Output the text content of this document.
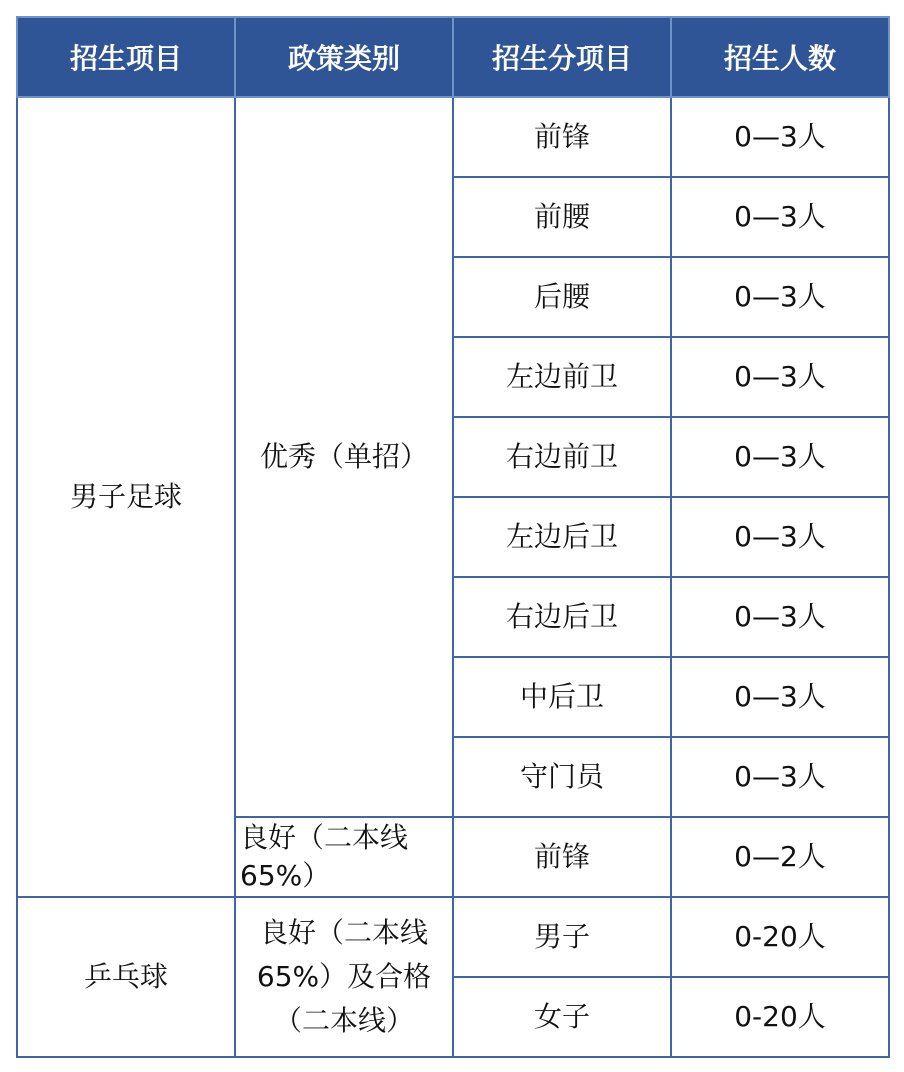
招生项目	政策类别	招生分项目	招生人数
男子足球	优秀（单招）	前锋	0—3人
		前腰	0—3人
		后腰	0—3人
		左边前卫	0—3人
		右边前卫	0—3人
		左边后卫	0—3人
		右边后卫	0—3人
		中后卫	0—3人
		守门员	0—3人
	良好（二本线65%）	前锋	0—2人
乒乓球	良好（二本线65%）及合格（二本线）	男子	0-20人
		女子	0-20人
